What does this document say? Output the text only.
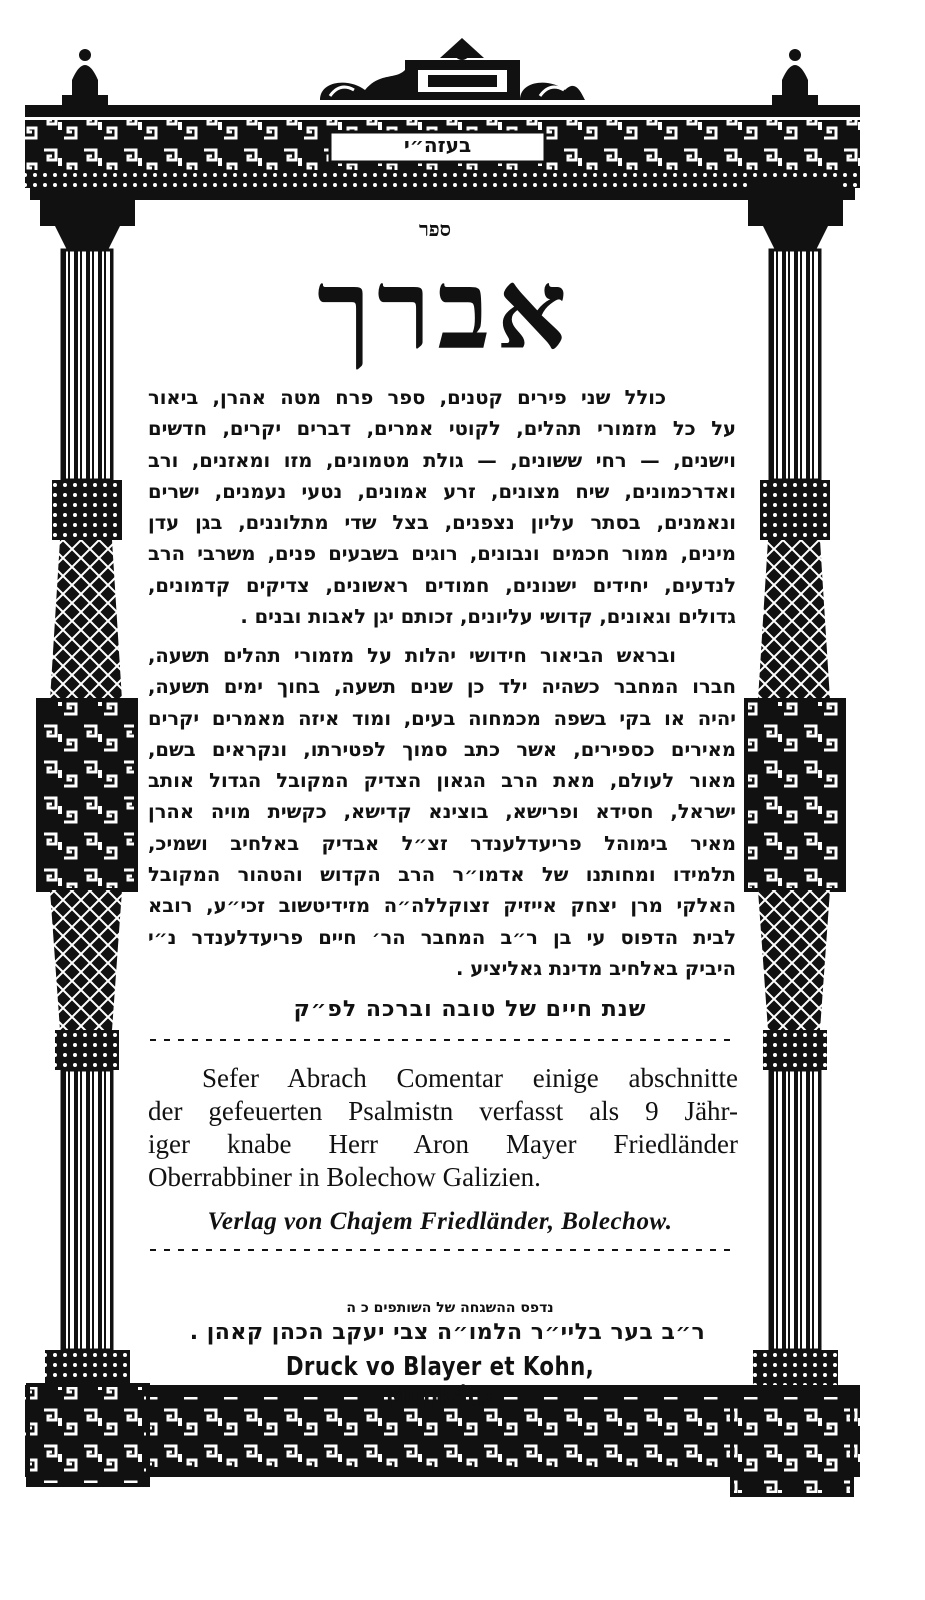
בעזה״י
ספר
אברך
כולל שני פירים קטנים, ספר פרח מטה אהרן, ביאור
על כל מזמורי תהלים, לקוטי אמרים, דברים יקרים, חדשים
וישנים, — רחי ששונים, — גולת מטמונים, מזו ומאזנים, ורב
ואדרכמונים, שיח מצונים, זרע אמונים, נטעי נעמנים, ישרים
ונאמנים, בסתר עליון נצפנים, בצל שדי מתלוננים, בגן עדן
מינים, ממור חכמים ונבונים, רוגים בשבעים פנים, משרבי הרב
לנדעים, יחידים ישנונים, חמודים ראשונים, צדיקים קדמונים,
גדולים וגאונים, קדושי עליונים, זכותם יגן לאבות ובנים .
ובראש הביאור חידושי יהלות על מזמורי תהלים תשעה,
חברו המחבר כשהיה ילד כן שנים תשעה, בחוך ימים תשעה,
יהיה או בקי בשפה מכמחוה בעים, ומוד איזה מאמרים יקרים
מאירים כספירים, אשר כתב סמוך לפטירתו, ונקראים בשם,
מאור לעולם, מאת הרב הגאון הצדיק המקובל הגדול אותב
ישראל, חסידא ופרישא, בוצינא קדישא, כקשית מויה אהרן
מאיר בימוהל פריעדלענדר זצ״ל אבדיק באלחיב ושמיכ,
תלמידו ומחותנו של אדמו״ר הרב הקדוש והטהור המקובל
האלקי מרן יצחק אייזיק זצוקללה״ה מזידיטשוב זכי״ע, רובא
לבית הדפוס עי בן ר״ב המחבר הר׳ חיים פריעדלענדר נ״י
היביק באלחיב מדינת גאליציע .
שנת חיים של טובה וברכה לפ״ק
Sefer Abrach Comentar einige abschnitte
der gefeuerten Psalmistn verfasst als 9 Jähr-
iger knabe Herr Aron Mayer Friedländer
Oberrabbiner in Bolechow Galizien.
Verlag von Chajem Friedländer, Bolechow.
נדפס ההשגחה של השותפים כ ה
ר״ב בער בליי״ר הלמו״ה צבי יעקב הכהן קאהן .
Druck vo Blayer et Kohn, Munkács
